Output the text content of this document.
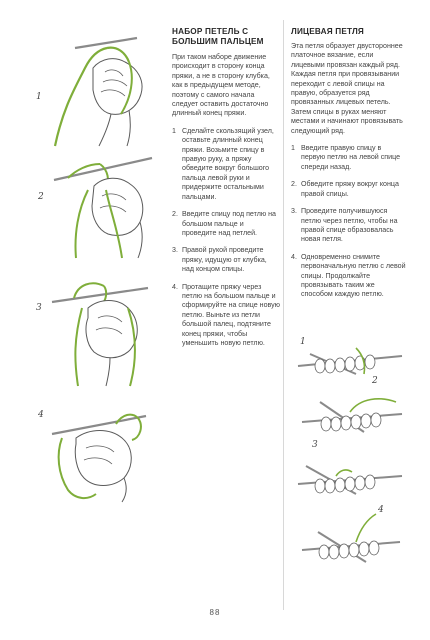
1
2
3
4
НАБОР ПЕТЕЛЬ С БОЛЬШИМ ПАЛЬЦЕМ
При таком наборе движение происходит в сторону конца пряжи, а не в сторону клубка, как в предыдущем методе, поэтому с самого начала следует оставить достаточно длинный конец пряжи.
1 Сделайте скользящий узел, оставьте длинный конец пряжи. Возьмите спицу в правую руку, а пряжу обведите вокруг большого пальца левой руки и придержите остальными пальцами.
2. Введите спицу под петлю на большом пальце и проведите над петлей.
3. Правой рукой проведите пряжу, идущую от клубка, над концом спицы.
4. Протащите пряжу через петлю на большом пальце и сформируйте на спице новую петлю. Выньте из петли большой палец, подтяните конец пряжи, чтобы уменьшить новую петлю.
ЛИЦЕВАЯ ПЕТЛЯ
Эта петля образует двустороннее платочное вязание, если лицевыми провязан каждый ряд. Каждая петля при провязывании переходит с левой спицы на правую, образуется ряд провязанных лицевых петель. Затем спицы в руках меняют местами и начинают провязывать следующий ряд.
1 Введите правую спицу в первую петлю на левой спице спереди назад.
2. Обведите пряжу вокруг конца правой спицы.
3. Проведите получившуюся петлю через петлю, чтобы на правой спице образовалась новая петля.
4. Одновременно снимите первоначальную петлю с левой спицы. Продолжайте провязывать таким же способом каждую петлю.
1
2
3
4
88
